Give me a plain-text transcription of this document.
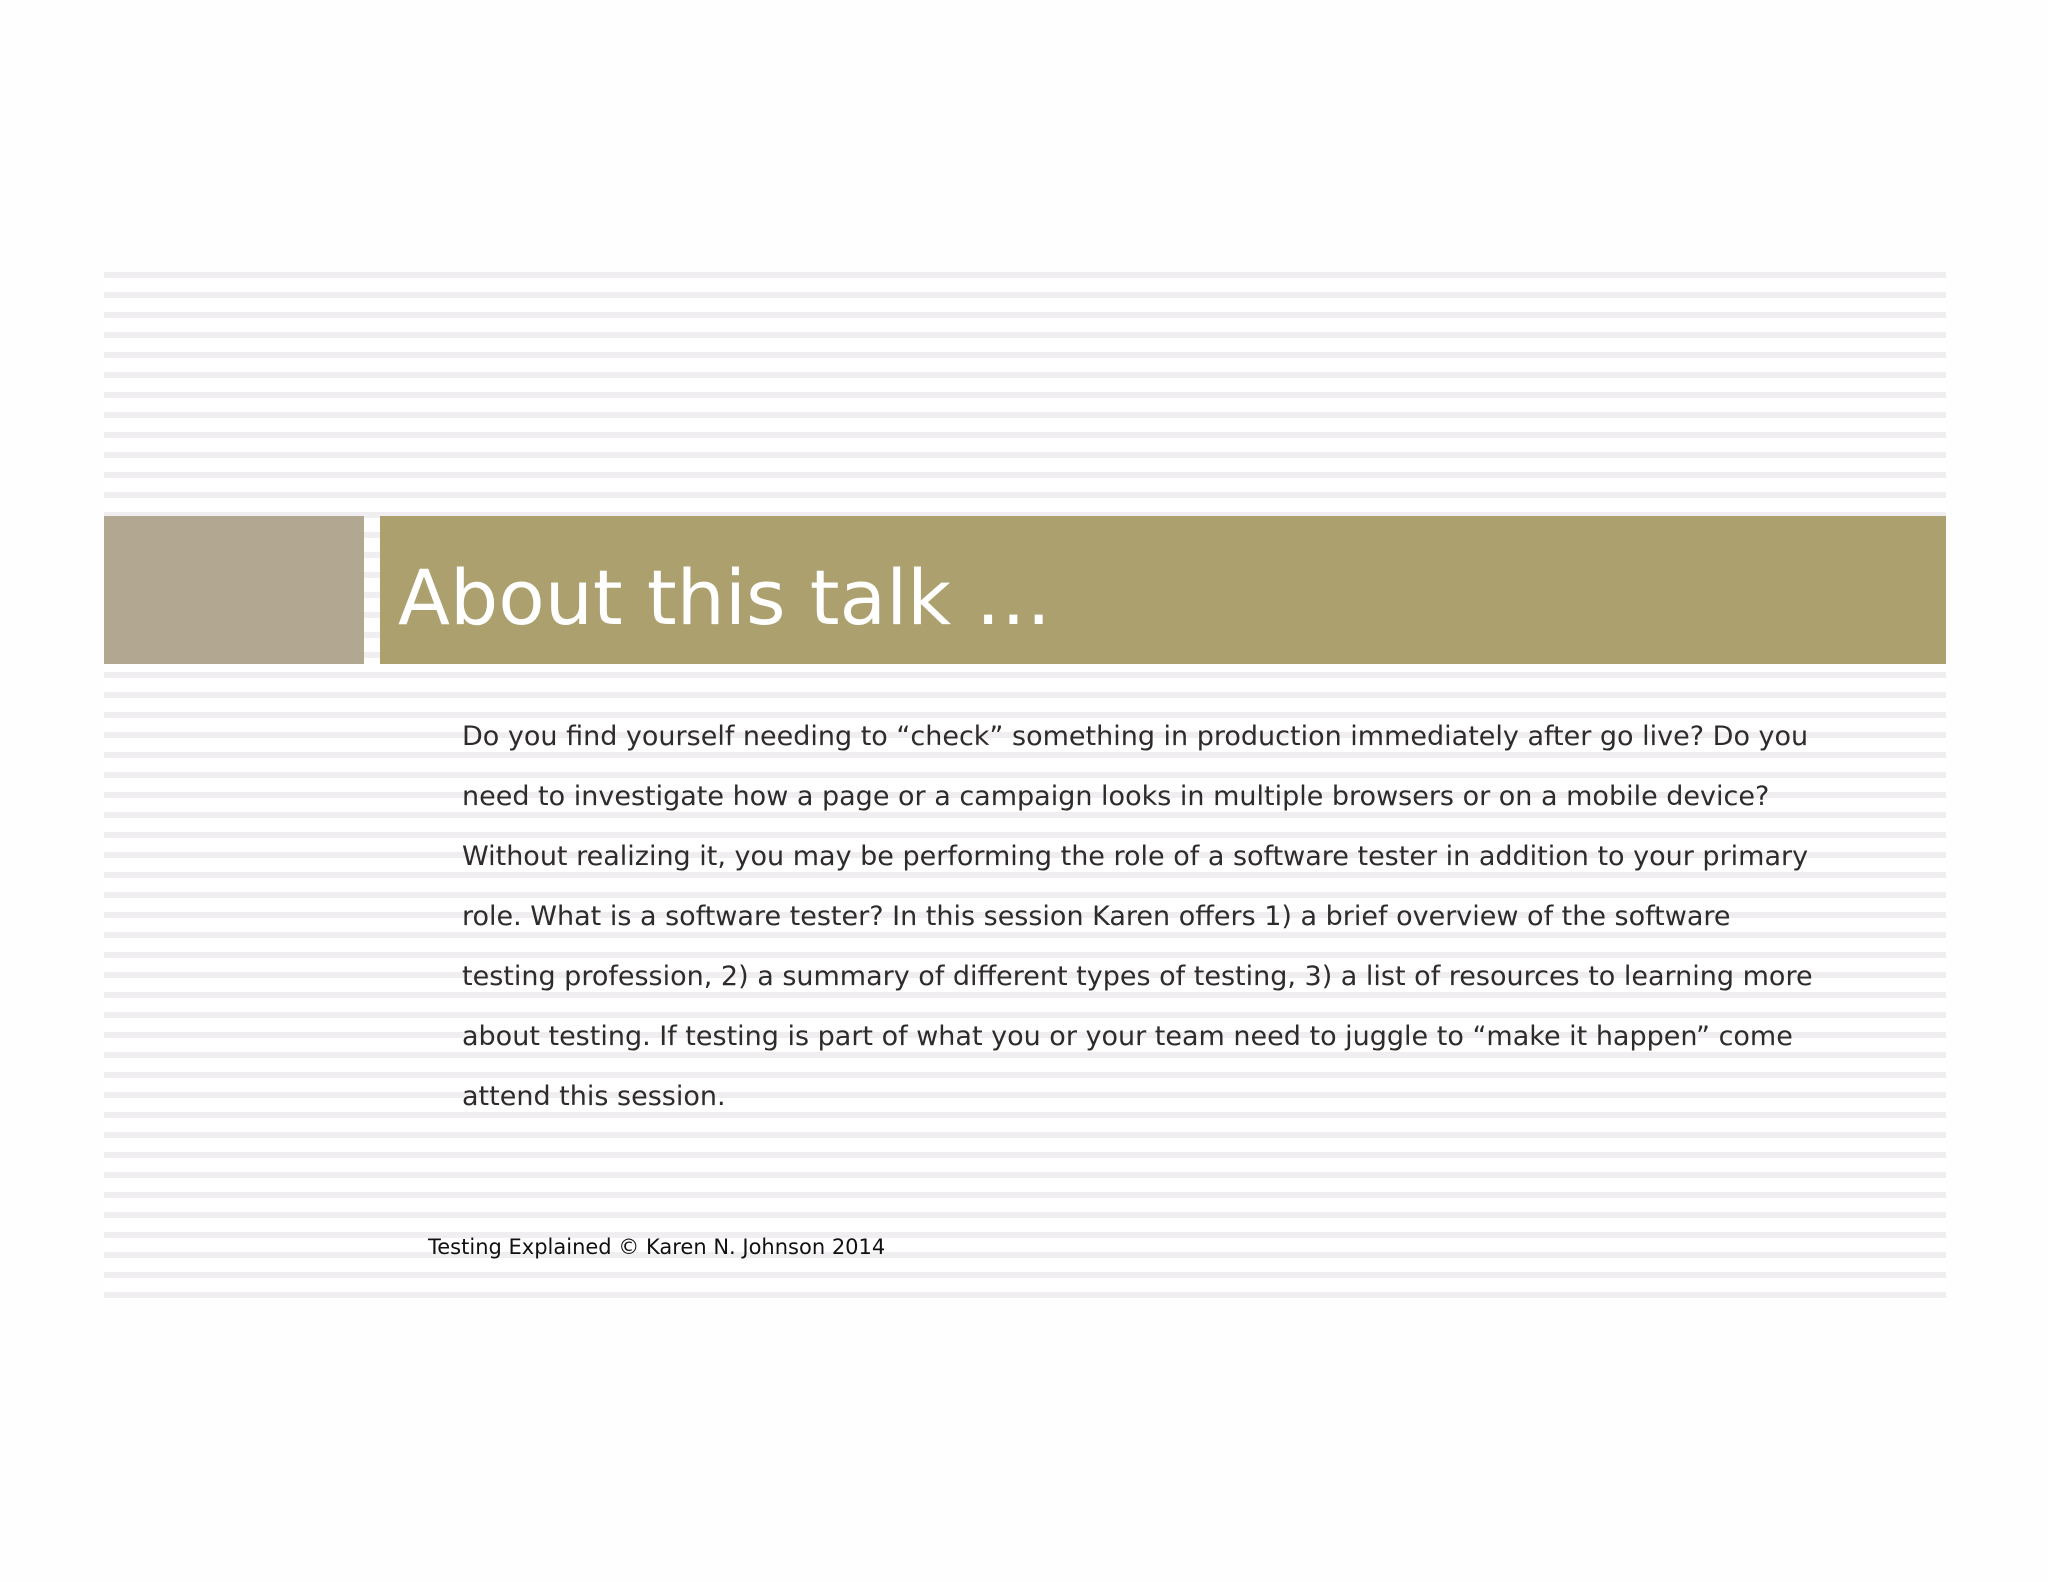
About this talk …

Do you find yourself needing to “check” something in production immediately after go live? Do you
need to investigate how a page or a campaign looks in multiple browsers or on a mobile device?
Without realizing it, you may be performing the role of a software tester in addition to your primary
role. What is a software tester? In this session Karen offers 1) a brief overview of the software
testing profession, 2) a summary of different types of testing, 3) a list of resources to learning more
about testing. If testing is part of what you or your team need to juggle to “make it happen” come
attend this session.

Testing Explained © Karen N. Johnson 2014
